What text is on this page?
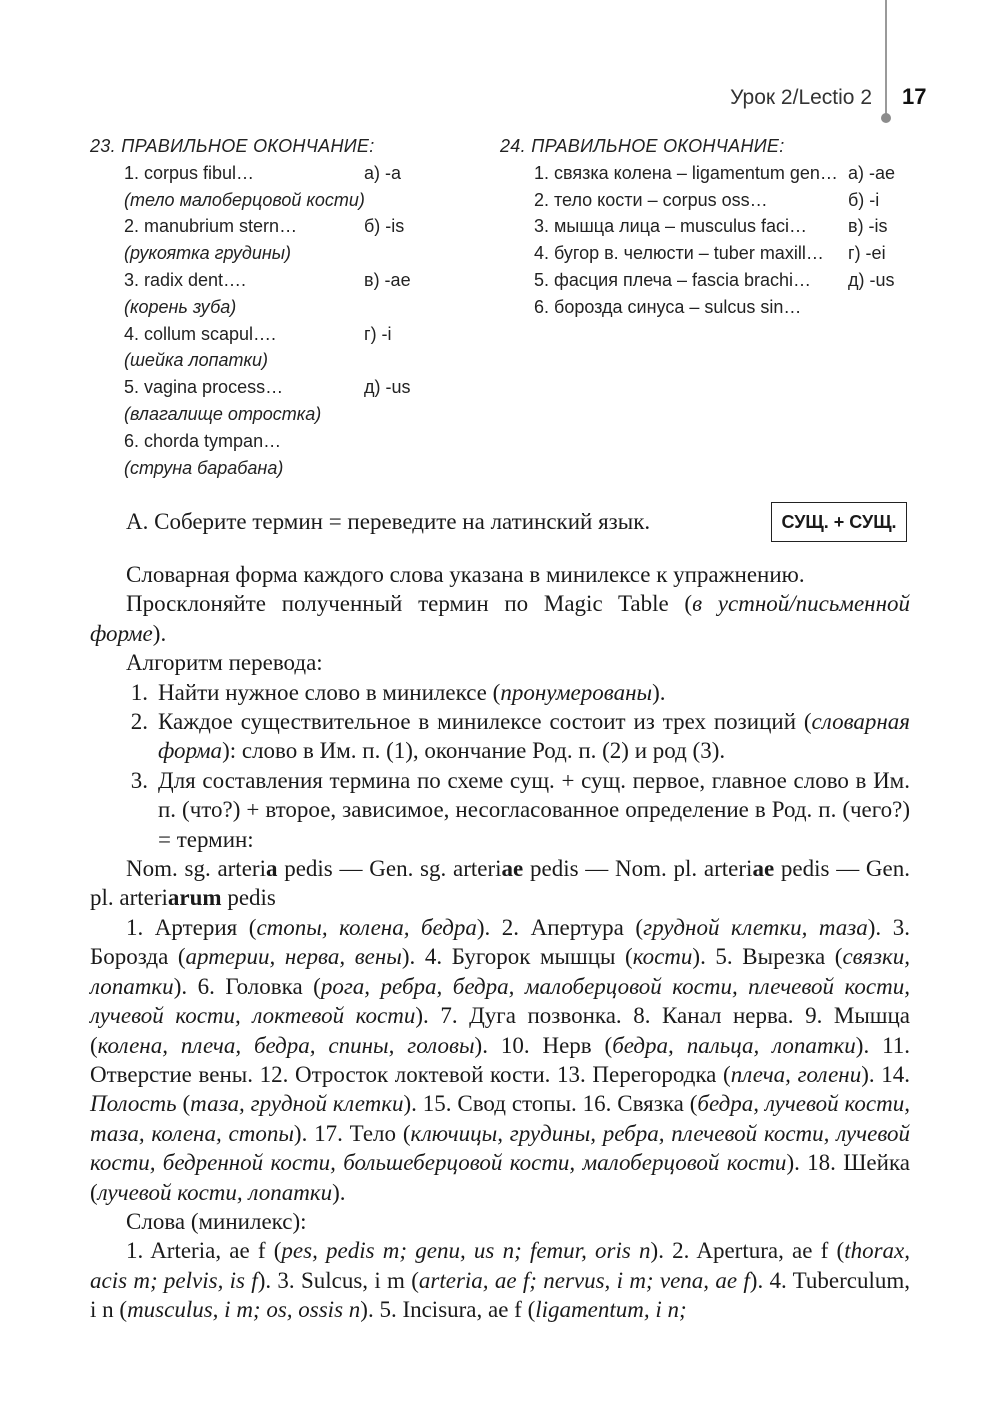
Урок 2/Lectio 2 17
23. ПРАВИЛЬНОЕ ОКОНЧАНИЕ:
1. corpus fibul…	а) -a
(тело малоберцовой кости)
2. manubrium stern…	б) -is
(рукоятка грудины)
3. radix dent….	в) -ae
(корень зуба)
4. collum scapul….	г) -i
(шейка лопатки)
5. vagina process…	д) -us
(влагалище отростка)
6. chorda tympan…
(струна барабана)
24. ПРАВИЛЬНОЕ ОКОНЧАНИЕ:
1. связка колена – ligamentum gen… а) -ae
2. тело кости – corpus oss…	б) -i
3. мышца лица – musculus faci…	в) -is
4. бугор в. челюсти – tuber maxill…	г) -ei
5. фасция плеча – fascia brachi…	д) -us
6. борозда синуса – sulcus sin…
А. Соберите термин = переведите на латинский язык.	СУЩ. + СУЩ.

Словарная форма каждого слова указана в минилексе к упражнению.

Просклоняйте полученный термин по Magic Table (в устной/письменной форме).

Алгоритм перевода:

1. Найти нужное слово в минилексе (пронумерованы).
2. Каждое существительное в минилексе состоит из трех позиций (словарная форма): слово в Им. п. (1), окончание Род. п. (2) и род (3).
3. Для составления термина по схеме сущ. + сущ. первое, главное слово в Им. п. (что?) + второе, зависимое, несогласованное определение в Род. п. (чего?) = термин:

Nom. sg. arteria pedis — Gen. sg. arteriae pedis — Nom. pl. arteriae pedis — Gen. pl. arteriarum pedis

1. Артерия (стопы, колена, бедра). 2. Апертура (грудной клетки, таза). 3. Борозда (артерии, нерва, вены). 4. Бугорок мышцы (кости). 5. Вырезка (связки, лопатки). 6. Головка (рога, ребра, бедра, малоберцовой кости, плечевой кости, лучевой кости, локтевой кости). 7. Дуга позвонка. 8. Канал нерва. 9. Мышца (колена, плеча, бедра, спины, головы). 10. Нерв (бедра, пальца, лопатки). 11. Отверстие вены. 12. Отросток локтевой кости. 13. Перегородка (плеча, голени). 14. Полость (таза, грудной клетки). 15. Свод стопы. 16. Связка (бедра, лучевой кости, таза, колена, стопы). 17. Тело (ключицы, грудины, ребра, плечевой кости, лучевой кости, бедренной кости, большеберцовой кости, малоберцовой кости). 18. Шейка (лучевой кости, лопатки).

Слова (минилекс):

1. Arteria, ae f (pes, pedis m; genu, us n; femur, oris n). 2. Apertura, ae f (thorax, acis m; pelvis, is f). 3. Sulcus, i m (arteria, ae f; nervus, i m; vena, ae f). 4. Tuberculum, i n (musculus, i m; os, ossis n). 5. Incisura, ae f (ligamentum, i n;
